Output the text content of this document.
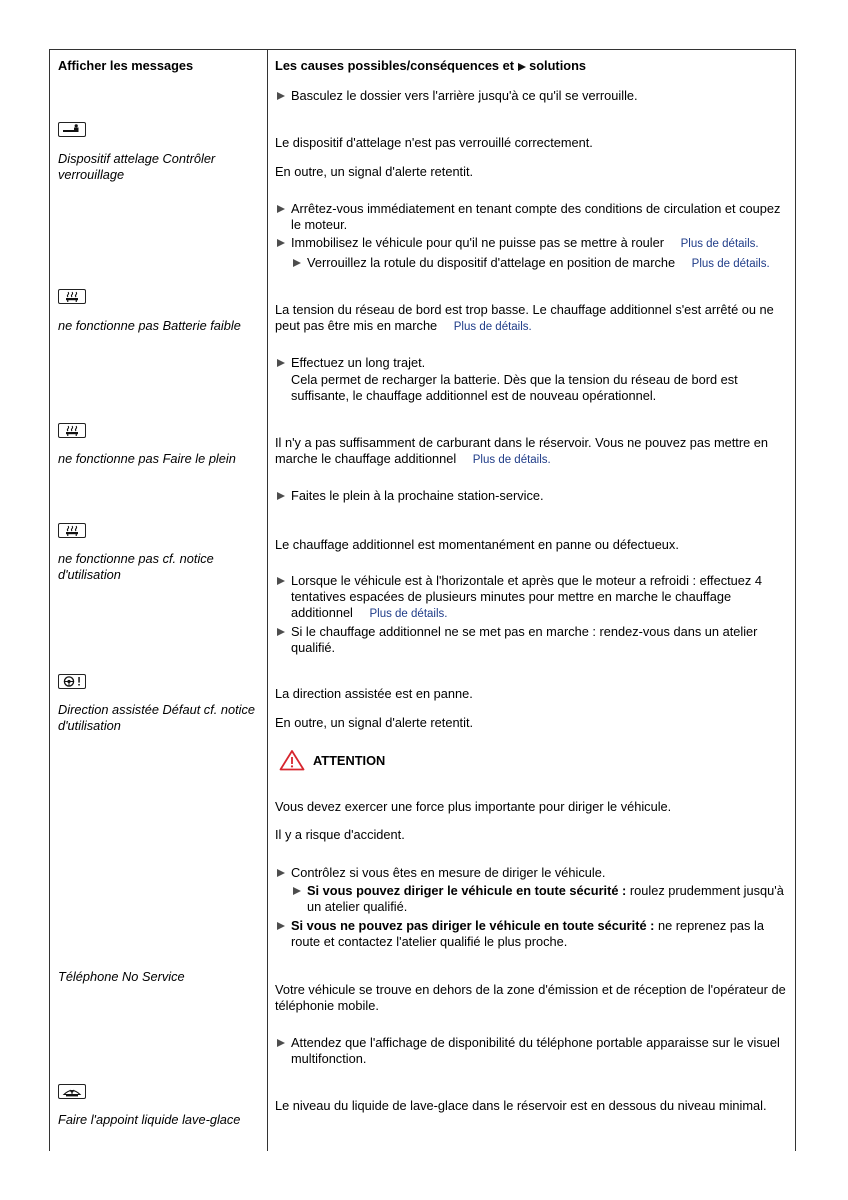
Afficher les messages	Les causes possibles/conséquences et solutions
Basculez le dossier vers l'arrière jusqu'à ce qu'il se verrouille.
Dispositif attelage Contrôler verrouillage
Le dispositif d'attelage n'est pas verrouillé correctement.
En outre, un signal d'alerte retentit.
Arrêtez-vous immédiatement en tenant compte des conditions de circulation et coupez le moteur.
Immobilisez le véhicule pour qu'il ne puisse pas se mettre à rouler Plus de détails.
Verrouillez la rotule du dispositif d'attelage en position de marche Plus de détails.
ne fonctionne pas Batterie faible
La tension du réseau de bord est trop basse. Le chauffage additionnel s'est arrêté ou ne peut pas être mis en marche Plus de détails.
Effectuez un long trajet.
Cela permet de recharger la batterie. Dès que la tension du réseau de bord est suffisante, le chauffage additionnel est de nouveau opérationnel.
ne fonctionne pas Faire le plein
Il n'y a pas suffisamment de carburant dans le réservoir. Vous ne pouvez pas mettre en marche le chauffage additionnel Plus de détails.
Faites le plein à la prochaine station-service.
ne fonctionne pas cf. notice d'utilisation
Le chauffage additionnel est momentanément en panne ou défectueux.
Lorsque le véhicule est à l'horizontale et après que le moteur a refroidi : effectuez 4 tentatives espacées de plusieurs minutes pour mettre en marche le chauffage additionnel Plus de détails.
Si le chauffage additionnel ne se met pas en marche : rendez-vous dans un atelier qualifié.
Direction assistée Défaut cf. notice d'utilisation
La direction assistée est en panne.
En outre, un signal d'alerte retentit.
ATTENTION
Vous devez exercer une force plus importante pour diriger le véhicule.
Il y a risque d'accident.
Contrôlez si vous êtes en mesure de diriger le véhicule.
Si vous pouvez diriger le véhicule en toute sécurité : roulez prudemment jusqu'à un atelier qualifié.
Si vous ne pouvez pas diriger le véhicule en toute sécurité : ne reprenez pas la route et contactez l'atelier qualifié le plus proche.
Téléphone No Service
Votre véhicule se trouve en dehors de la zone d'émission et de réception de l'opérateur de téléphonie mobile.
Attendez que l'affichage de disponibilité du téléphone portable apparaisse sur le visuel multifonction.
Faire l'appoint liquide lave-glace
Le niveau du liquide de lave-glace dans le réservoir est en dessous du niveau minimal.
